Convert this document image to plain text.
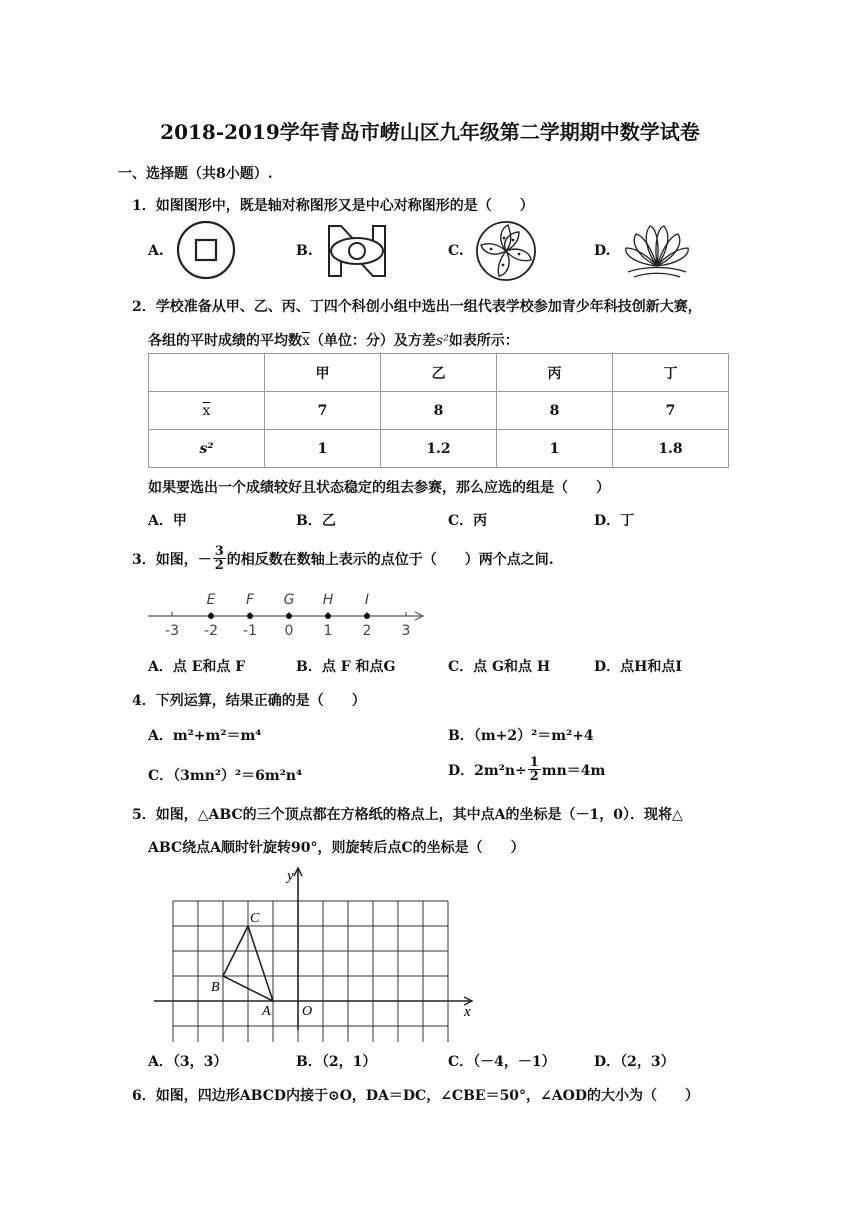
2018-2019学年青岛市崂山区九年级第二学期期中数学试卷
一、选择题（共8小题）.
1．如图图形中，既是轴对称图形又是中心对称图形的是（　　）
A.	B.	C.	D.
2．学校准备从甲、乙、丙、丁四个科创小组中选出一组代表学校参加青少年科技创新大赛，
各组的平时成绩的平均数$\overline{x}$（单位：分）及方差s²如表所示：
	甲	乙	丙	丁
$\overline{x}$	7	8	8	7
s²	1	1.2	1	1.8
如果要选出一个成绩较好且状态稳定的组去参赛，那么应选的组是（　　）
A．甲	B．乙	C．丙	D．丁
3．如图， － $\frac{3}{2}$ 的相反数在数轴上表示的点位于（　　）两个点之间.
-3 -2 -1 0 1 2 3
E F G H I
A．点 E和点 F	B．点 F 和点G	C．点 G和点 H	D．点H和点I
4．下列运算，结果正确的是（　　）
A．m²+m²＝m⁴	B．（m+2）²＝m²+4
C．（3mn²）²＝6m²n⁴	D．$2m^2n\div \frac{1}{2} mn=4m$
5．如图，△ABC的三个顶点都在方格纸的格点上，其中点A的坐标是（－1，0）．现将△
ABC绕点A顺时针旋转90°，则旋转后点C的坐标是（　　）
y
x
O
A
B
C
A．（3，3）	B．（2，1）	C．（－4，－1）	D．（2，3）
6．如图，四边形ABCD内接于⊙O，DA＝DC，∠CBE＝50°，∠AOD的大小为（　　）
